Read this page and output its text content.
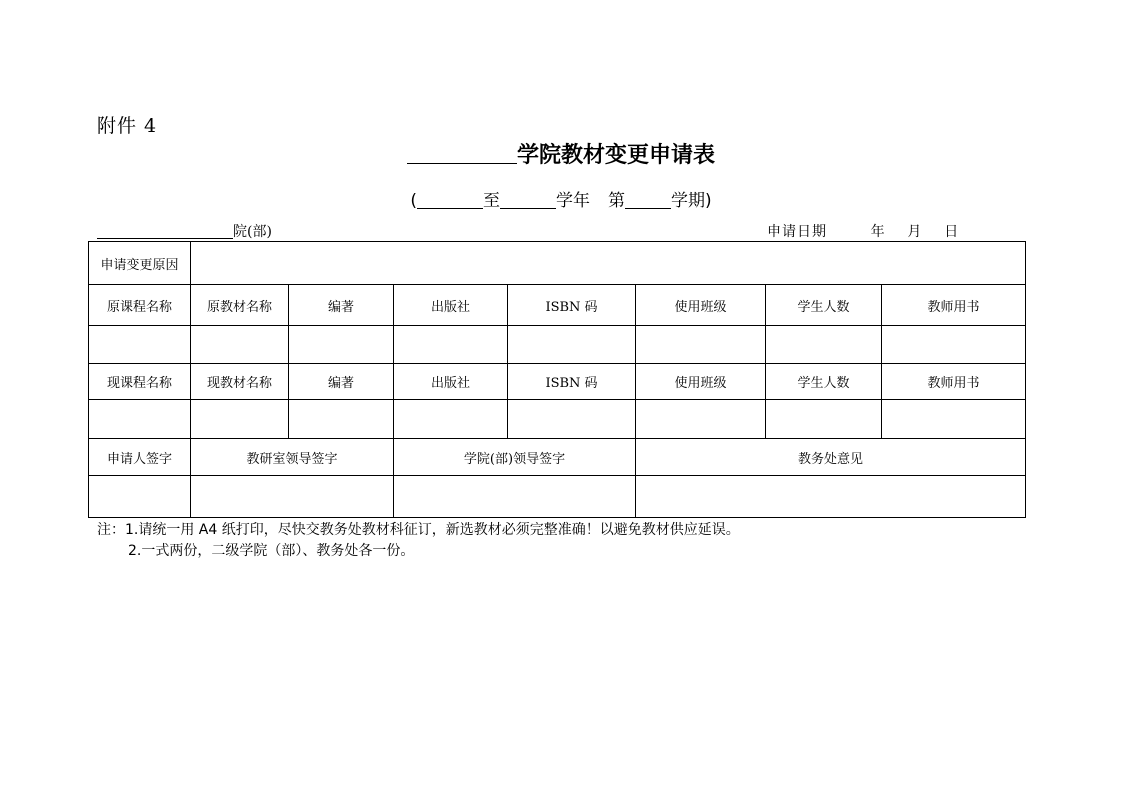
附件 4
学院教材变更申请表
(	至	学年 第	学期)
院(部)	申请日期	年 月 日
申请变更原因							
原课程名称	原教材名称	编著	出版社	ISBN 码	使用班级	学生人数	教师用书

现课程名称	现教材名称	编著	出版社	ISBN 码	使用班级	学生人数	教师用书

申请人签字	教研室领导签字		学院(部)领导签字		教务处意见		

注：1.请统一用 A4 纸打印，尽快交教务处教材科征订，新选教材必须完整准确！以避免教材供应延误。
2.一式两份，二级学院（部）、教务处各一份。
